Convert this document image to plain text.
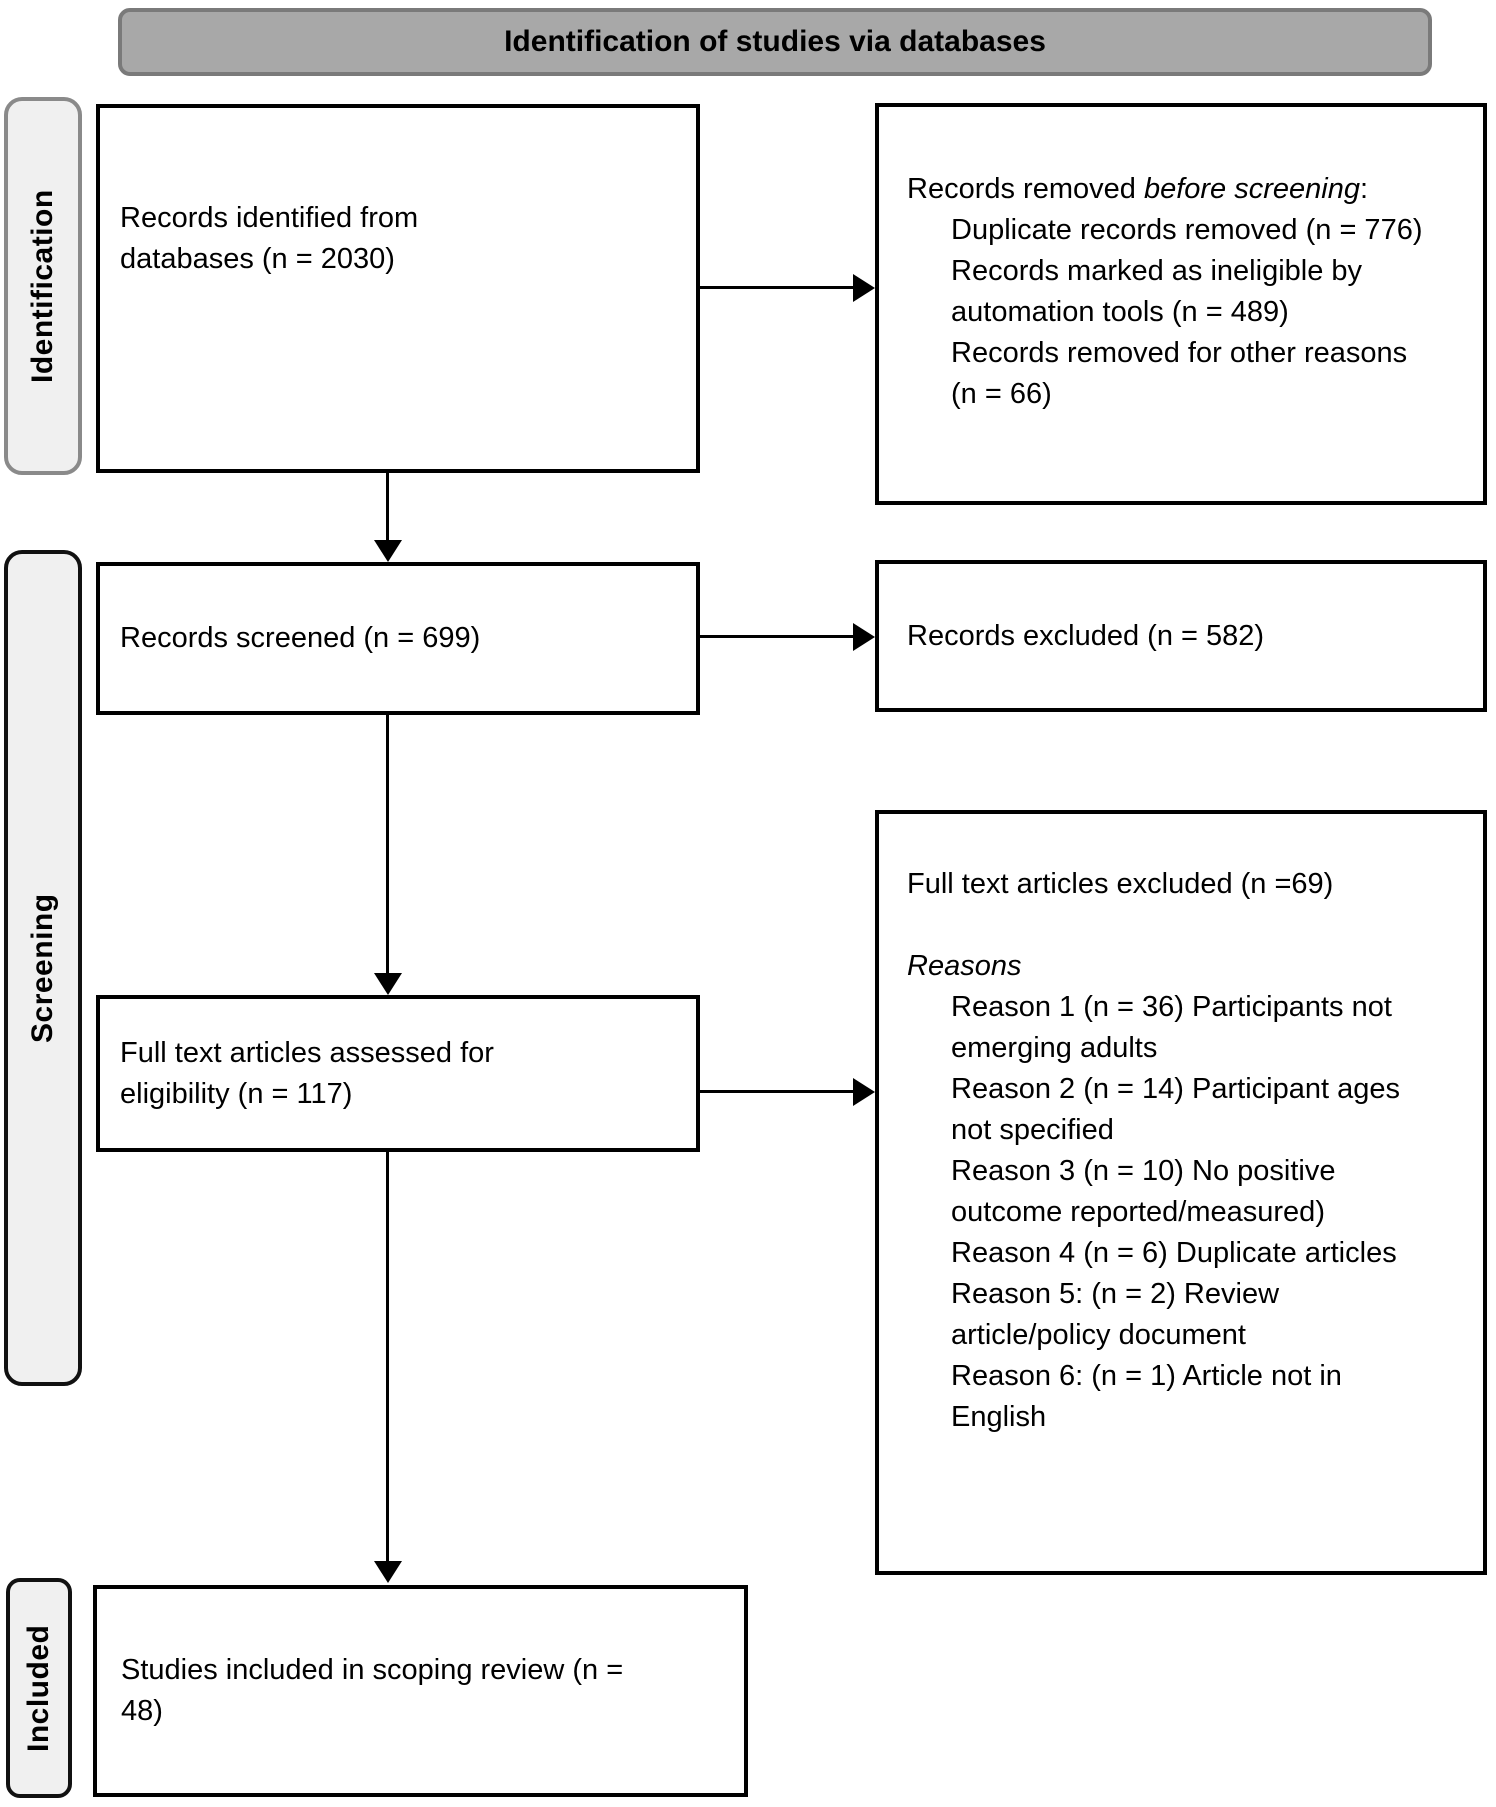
Identification of studies via databases
Identification
Screening
Included
Records identified from databases (n = 2030)
Records removed before screening:
Duplicate records removed (n = 776)
Records marked as ineligible by automation tools (n = 489)
Records removed for other reasons (n = 66)
Records screened (n = 699)	Records excluded (n = 582)
Full text articles assessed for eligibility (n = 117)
Full text articles excluded (n =69)
Reasons
Reason 1 (n = 36) Participants not emerging adults
Reason 2 (n = 14) Participant ages not specified
Reason 3 (n = 10) No positive outcome reported/measured)
Reason 4 (n = 6) Duplicate articles
Reason 5: (n = 2) Review article/policy document
Reason 6: (n = 1) Article not in English
Studies included in scoping review (n = 48)
